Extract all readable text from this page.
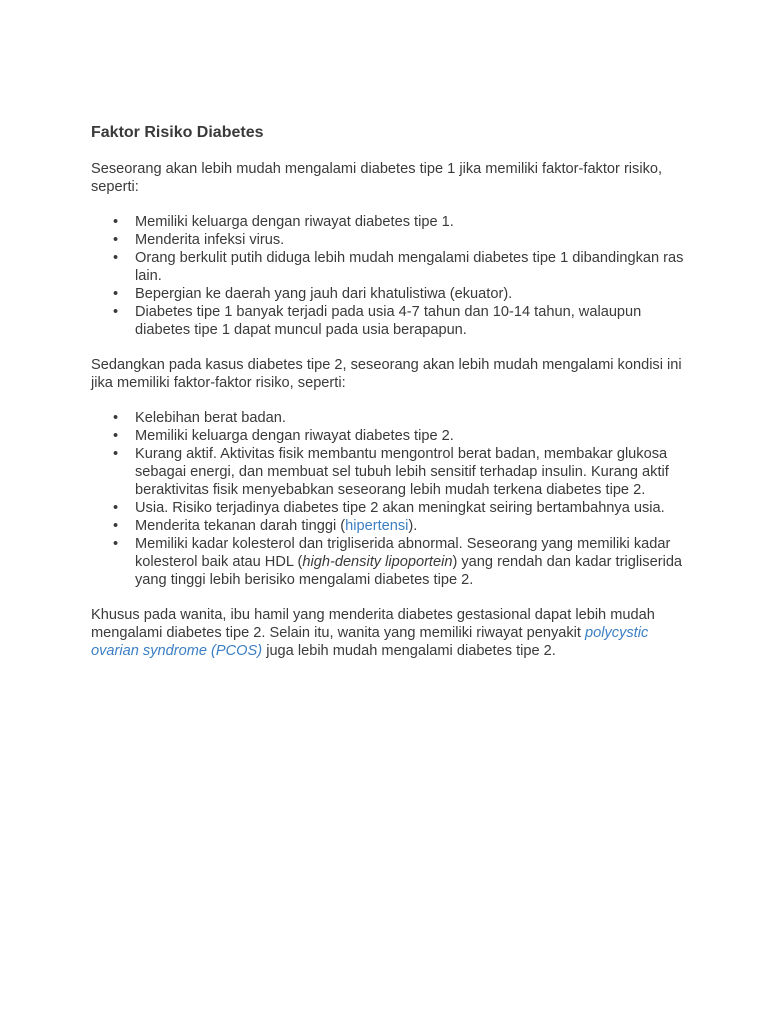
Faktor Risiko Diabetes

Seseorang akan lebih mudah mengalami diabetes tipe 1 jika memiliki faktor-faktor risiko, seperti:

• Memiliki keluarga dengan riwayat diabetes tipe 1.
• Menderita infeksi virus.
• Orang berkulit putih diduga lebih mudah mengalami diabetes tipe 1 dibandingkan ras lain.
• Bepergian ke daerah yang jauh dari khatulistiwa (ekuator).
• Diabetes tipe 1 banyak terjadi pada usia 4-7 tahun dan 10-14 tahun, walaupun diabetes tipe 1 dapat muncul pada usia berapapun.

Sedangkan pada kasus diabetes tipe 2, seseorang akan lebih mudah mengalami kondisi ini jika memiliki faktor-faktor risiko, seperti:

• Kelebihan berat badan.
• Memiliki keluarga dengan riwayat diabetes tipe 2.
• Kurang aktif. Aktivitas fisik membantu mengontrol berat badan, membakar glukosa sebagai energi, dan membuat sel tubuh lebih sensitif terhadap insulin. Kurang aktif beraktivitas fisik menyebabkan seseorang lebih mudah terkena diabetes tipe 2.
• Usia. Risiko terjadinya diabetes tipe 2 akan meningkat seiring bertambahnya usia.
• Menderita tekanan darah tinggi (hipertensi).
• Memiliki kadar kolesterol dan trigliserida abnormal. Seseorang yang memiliki kadar kolesterol baik atau HDL (high-density lipoportein) yang rendah dan kadar trigliserida yang tinggi lebih berisiko mengalami diabetes tipe 2.

Khusus pada wanita, ibu hamil yang menderita diabetes gestasional dapat lebih mudah mengalami diabetes tipe 2. Selain itu, wanita yang memiliki riwayat penyakit polycystic ovarian syndrome (PCOS) juga lebih mudah mengalami diabetes tipe 2.
